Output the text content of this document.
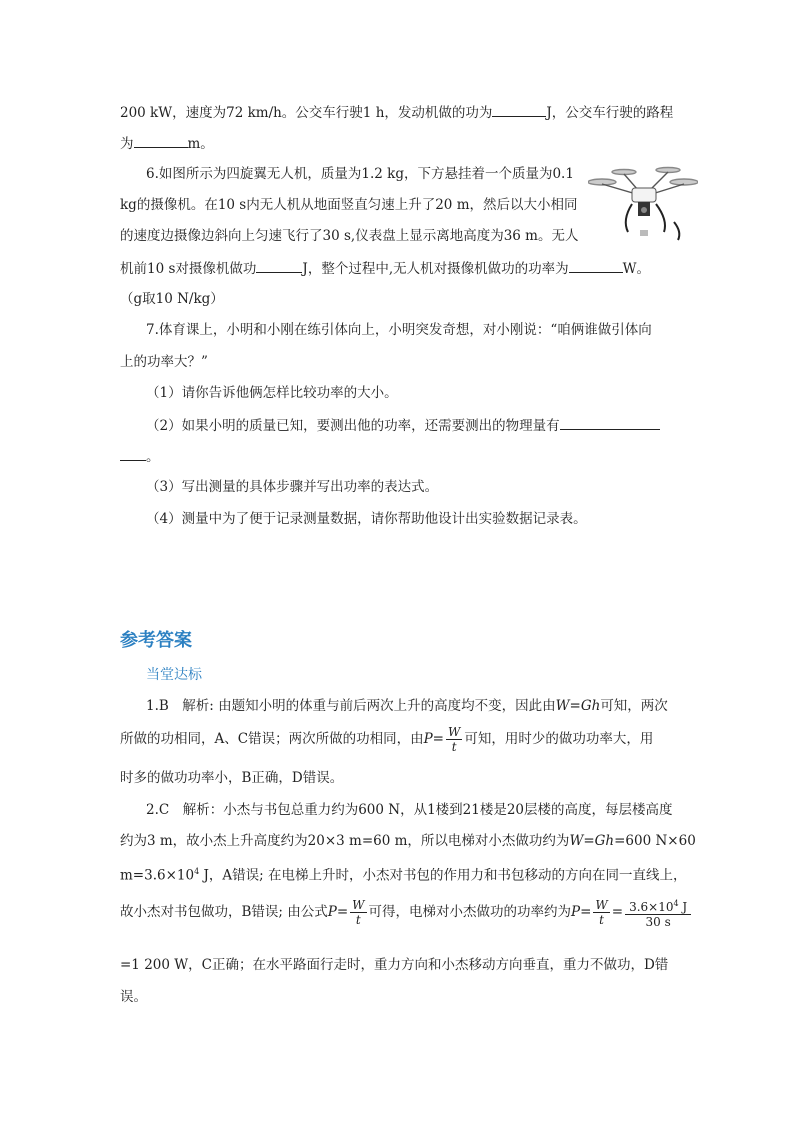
200 kW，速度为72 km/h。公交车行驶1 h，发动机做的功为	J，公交车行驶的路程
为	m。
6.如图所示为四旋翼无人机，质量为1.2 kg，下方悬挂着一个质量为0.1
kg的摄像机。在10 s内无人机从地面竖直匀速上升了20 m，然后以大小相同
的速度边摄像边斜向上匀速飞行了30 s,仪表盘上显示离地高度为36 m。无人
机前10 s对摄像机做功	J，整个过程中,无人机对摄像机做功的功率为	W。
（g取10 N/kg）
7.体育课上，小明和小刚在练引体向上，小明突发奇想，对小刚说：“咱俩谁做引体向
上的功率大？”
（1）请你告诉他俩怎样比较功率的大小。
（2）如果小明的质量已知，要测出他的功率，还需要测出的物理量有
。
（3）写出测量的具体步骤并写出功率的表达式。
（4）测量中为了便于记录测量数据，请你帮助他设计出实验数据记录表。
参考答案
当堂达标
1.B　解析: 由题知小明的体重与前后两次上升的高度均不变，因此由W=Gh可知，两次
所做的功相同，A、C错误；两次所做的功相同，由$P= \frac{W}{t}$ 可知，用时少的做功功率大，用
时多的做功功率小，B正确，D错误。
2.C　解析：小杰与书包总重力约为600 N，从1楼到21楼是20层楼的高度，每层楼高度
约为3 m，故小杰上升高度约为20×3 m=60 m，所以电梯对小杰做功约为W=Gh=600 N×60
$m=3.6\times 10^4$ J，A错误; 在电梯上升时，小杰对书包的作用力和书包移动的方向在同一直线上，
故小杰对书包做功，B错误; 由公式$P= \frac{W}{t}$ 可得，电梯对小杰做功的功率约为$P= \frac{W}{t} = \frac{3.6\times 10^4 J}{30 s}$
=1 200 W，C正确；在水平路面行走时，重力方向和小杰移动方向垂直，重力不做功，D错
误。
